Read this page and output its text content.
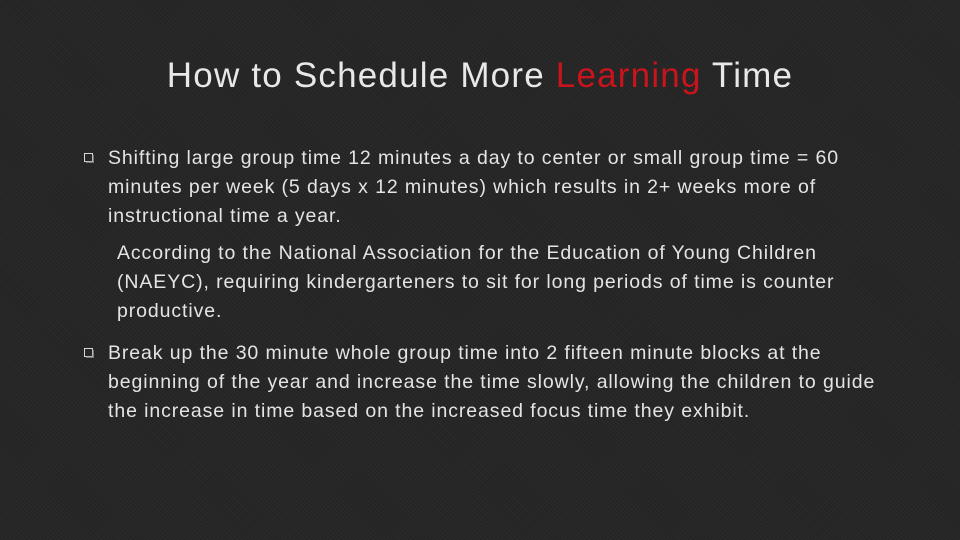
How to Schedule More Learning Time
Shifting large group time 12 minutes a day to center or small group time = 60 minutes per week (5 days x 12 minutes) which results in 2+ weeks more of instructional time a year.
According to the National Association for the Education of Young Children (NAEYC), requiring kindergarteners to sit for long periods of time is counter productive.
Break up the 30 minute whole group time into 2 fifteen minute blocks at the beginning of the year and increase the time slowly, allowing the children to guide the increase in time based on the increased focus time they exhibit.
